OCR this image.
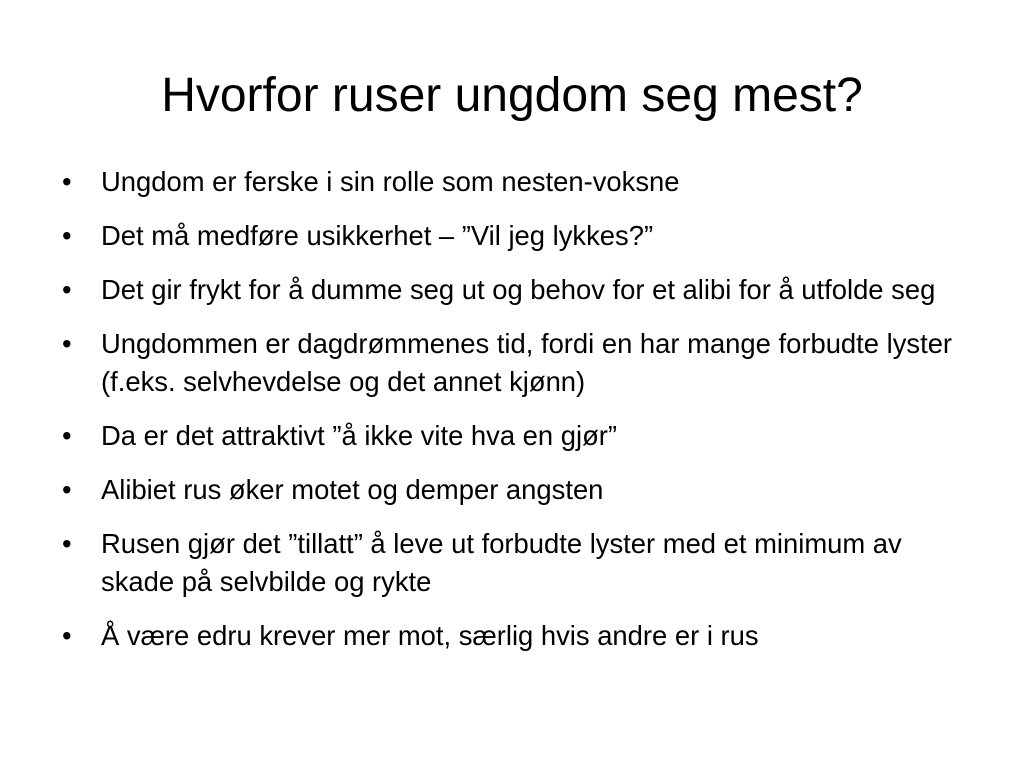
Hvorfor ruser ungdom seg mest?
•	Ungdom er ferske i sin rolle som nesten-voksne
•	Det må medføre usikkerhet – ”Vil jeg lykkes?”
•	Det gir frykt for å dumme seg ut og behov for et alibi for å utfolde seg
•	Ungdommen er dagdrømmenes tid, fordi en har mange forbudte lyster (f.eks. selvhevdelse og det annet kjønn)
•	Da er det attraktivt ”å ikke vite hva en gjør”
•	Alibiet rus øker motet og demper angsten
•	Rusen gjør det ”tillatt” å leve ut forbudte lyster med et minimum av skade på selvbilde og rykte
•	Å være edru krever mer mot, særlig hvis andre er i rus
